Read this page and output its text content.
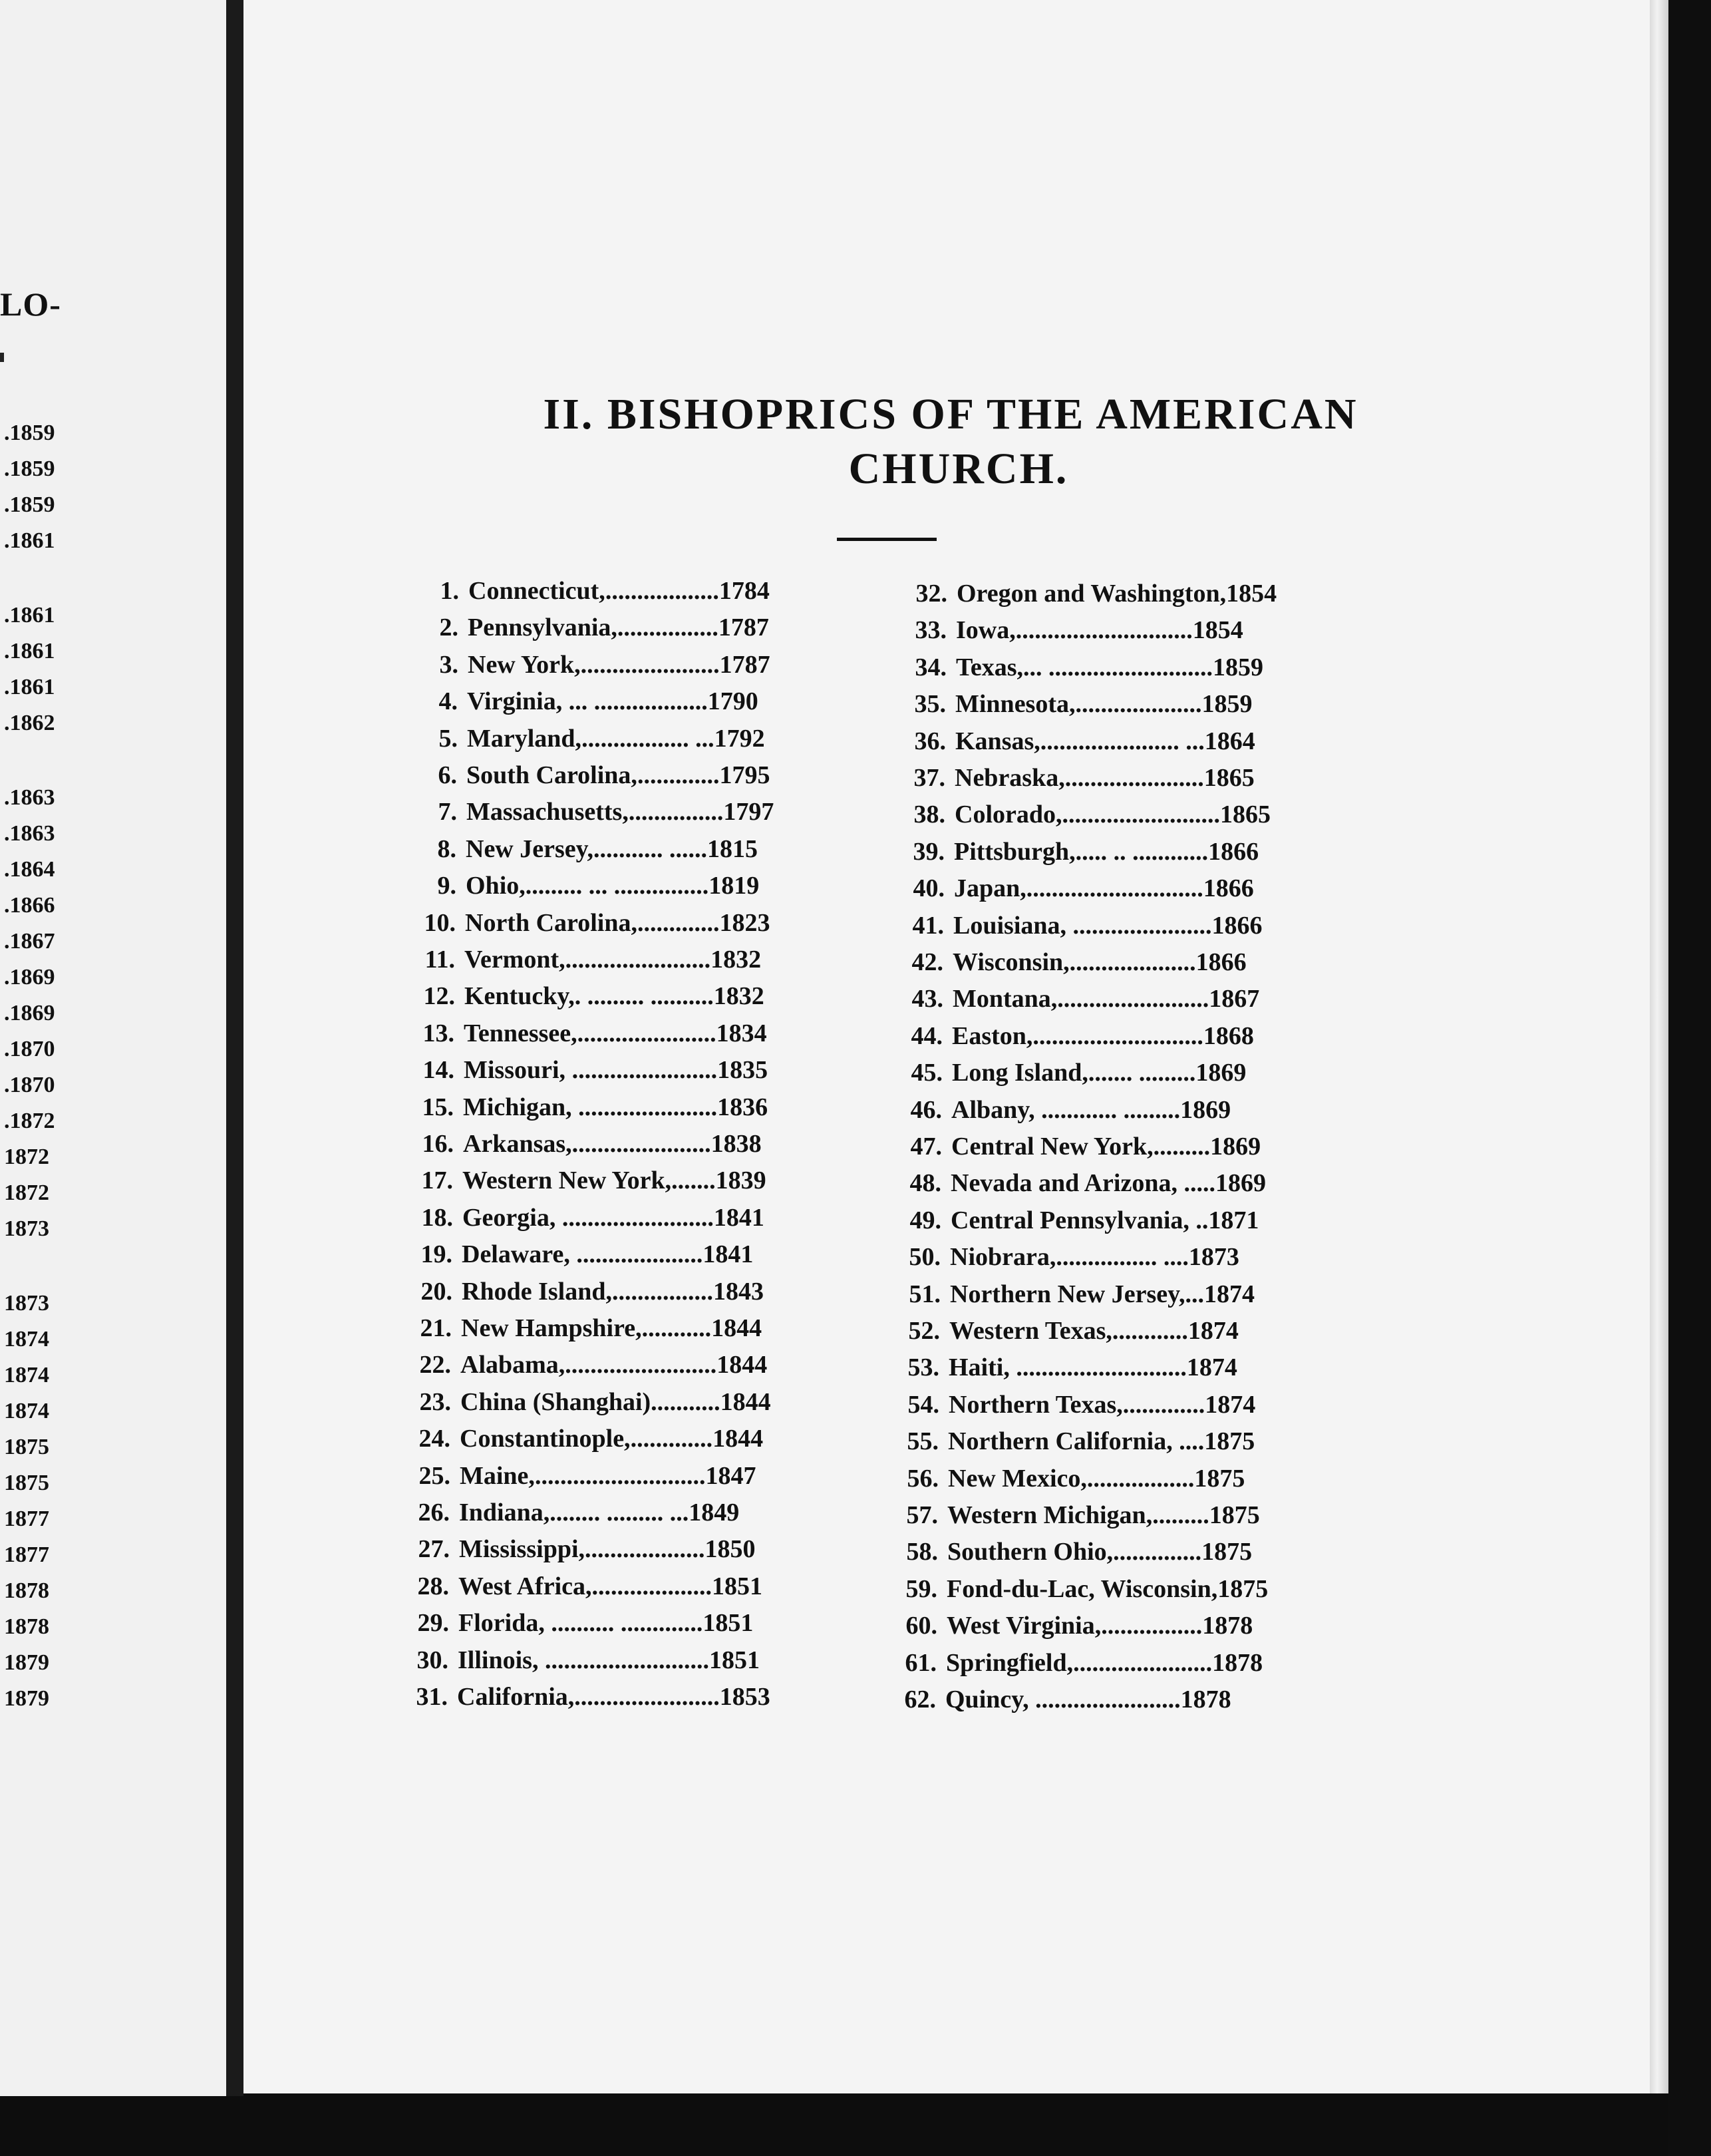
LO-
.1859
.1859
.1859
.1861
.1861
.1861
.1861
.1862
.1863
.1863
.1864
.1866
.1867
.1869
.1869
.1870
.1870
.1872
1872
1872
1873
1873
1874
1874
1874
1875
1875
1877
1877
1878
1878
1879
1879
II. BISHOPRICS OF THE AMERICAN
CHURCH.
1. Connecticut,..................1784
2. Pennsylvania,................1787
3. New York,......................1787
4. Virginia, ... ..................1790
5. Maryland,................. ...1792
6. South Carolina,.............1795
7. Massachusetts,...............1797
8. New Jersey,........... ......1815
9. Ohio,......... ... ...............1819
10. North Carolina,.............1823
11. Vermont,.......................1832
12. Kentucky,. ......... ..........1832
13. Tennessee,......................1834
14. Missouri, .......................1835
15. Michigan, ......................1836
16. Arkansas,......................1838
17. Western New York,.......1839
18. Georgia, ........................1841
19. Delaware, ....................1841
20. Rhode Island,................1843
21. New Hampshire,...........1844
22. Alabama,........................1844
23. China (Shanghai)...........1844
24. Constantinople,.............1844
25. Maine,...........................1847
26. Indiana,........ ......... ...1849
27. Mississippi,...................1850
28. West Africa,...................1851
29. Florida, .......... .............1851
30. Illinois, ..........................1851
31. California,.......................1853
32. Oregon and Washington,1854
33. Iowa,............................1854
34. Texas,... ..........................1859
35. Minnesota,....................1859
36. Kansas,...................... ...1864
37. Nebraska,......................1865
38. Colorado,.........................1865
39. Pittsburgh,..... .. ............1866
40. Japan,............................1866
41. Louisiana, ......................1866
42. Wisconsin,....................1866
43. Montana,........................1867
44. Easton,...........................1868
45. Long Island,....... .........1869
46. Albany, ............ .........1869
47. Central New York,.........1869
48. Nevada and Arizona, .....1869
49. Central Pennsylvania, ..1871
50. Niobrara,................ ....1873
51. Northern New Jersey,...1874
52. Western Texas,............1874
53. Haiti, ...........................1874
54. Northern Texas,.............1874
55. Northern California, ....1875
56. New Mexico,.................1875
57. Western Michigan,.........1875
58. Southern Ohio,..............1875
59. Fond-du-Lac, Wisconsin,1875
60. West Virginia,................1878
61. Springfield,......................1878
62. Quincy, .......................1878
